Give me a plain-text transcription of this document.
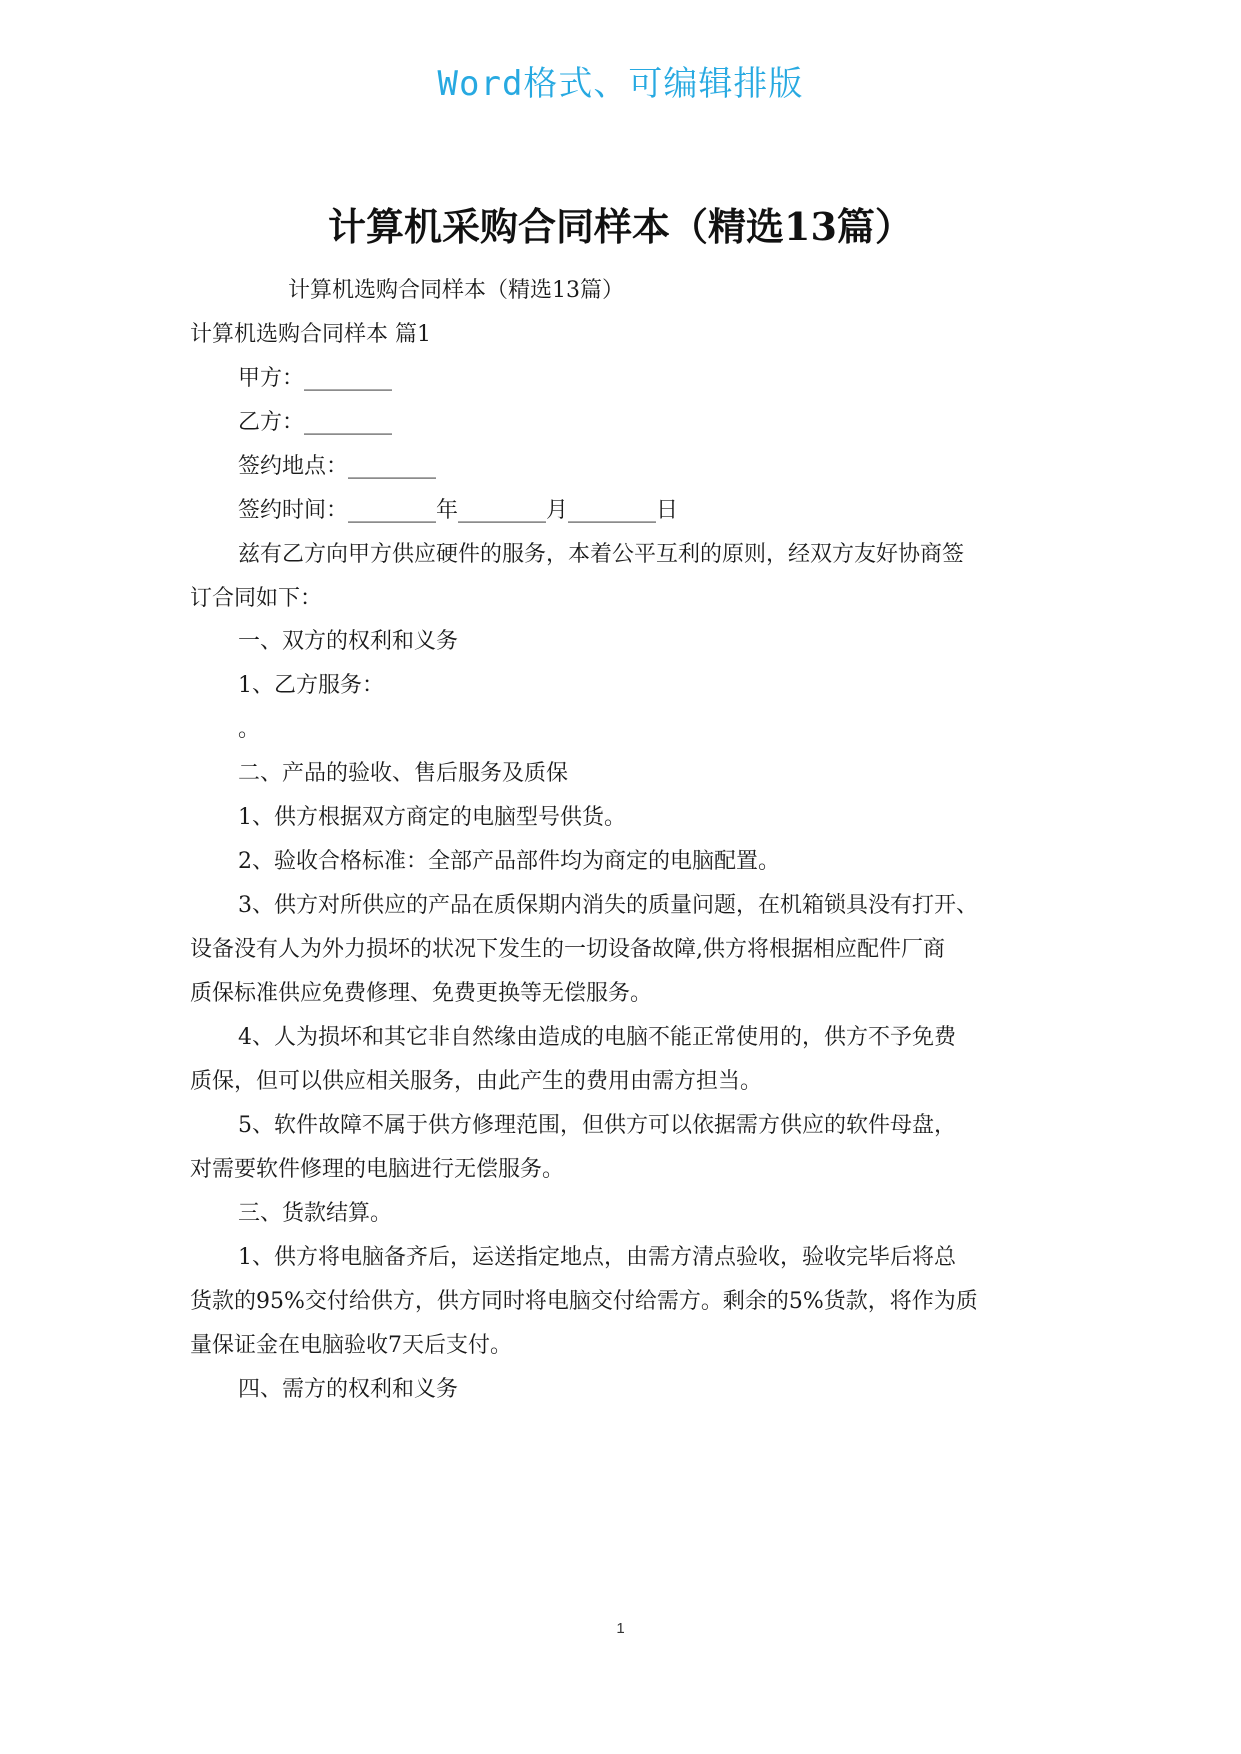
Word格式、可编辑排版
计算机采购合同样本（精选13篇）
计算机选购合同样本（精选13篇）
计算机选购合同样本 篇1
甲方：________
乙方：________
签约地点：________
签约时间：________年________月________日
兹有乙方向甲方供应硬件的服务，本着公平互利的原则，经双方友好协商签
订合同如下：
一、双方的权利和义务
1、乙方服务：
。
二、产品的验收、售后服务及质保
1、供方根据双方商定的电脑型号供货。
2、验收合格标准：全部产品部件均为商定的电脑配置。
3、供方对所供应的产品在质保期内消失的质量问题，在机箱锁具没有打开、
设备没有人为外力损坏的状况下发生的一切设备故障,供方将根据相应配件厂商
质保标准供应免费修理、免费更换等无偿服务。
4、人为损坏和其它非自然缘由造成的电脑不能正常使用的，供方不予免费
质保，但可以供应相关服务，由此产生的费用由需方担当。
5、软件故障不属于供方修理范围，但供方可以依据需方供应的软件母盘，
对需要软件修理的电脑进行无偿服务。
三、货款结算。
1、供方将电脑备齐后，运送指定地点，由需方清点验收，验收完毕后将总
货款的95%交付给供方，供方同时将电脑交付给需方。剩余的5%货款，将作为质
量保证金在电脑验收7天后支付。
四、需方的权利和义务
1
